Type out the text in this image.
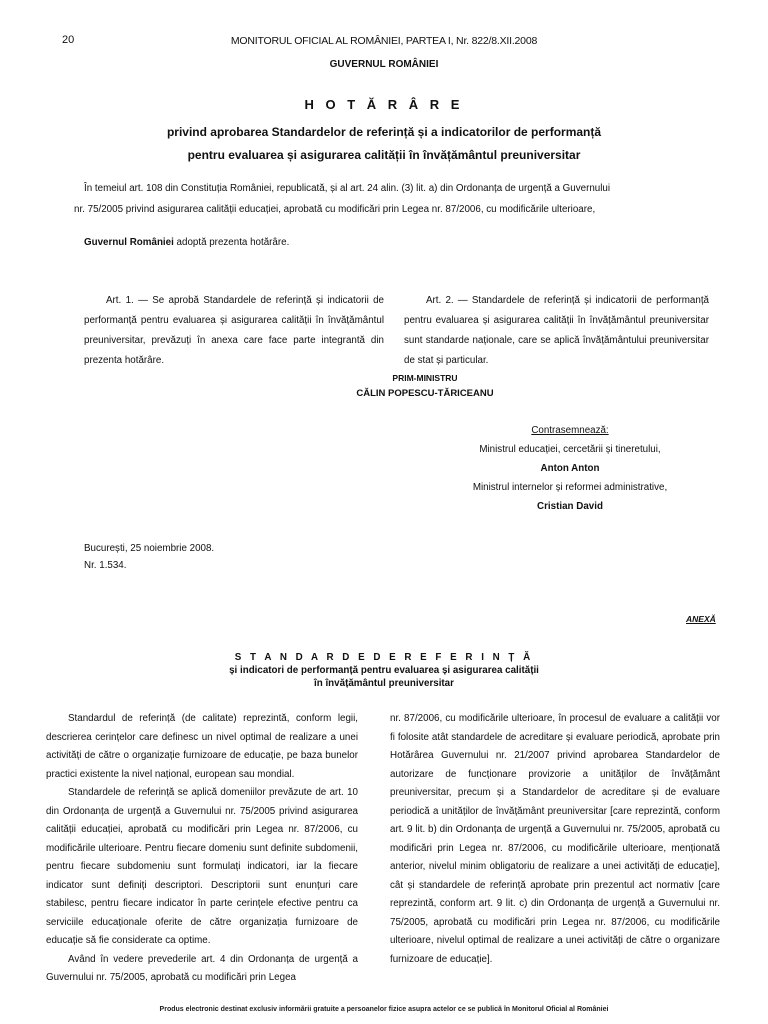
20	MONITORUL OFICIAL AL ROMÂNIEI, PARTEA I, Nr. 822/8.XII.2008
GUVERNUL ROMÂNIEI
H O T Ă R Â R E
privind aprobarea Standardelor de referință și a indicatorilor de performanță
pentru evaluarea și asigurarea calității în învățământul preuniversitar
În temeiul art. 108 din Constituția României, republicată, și al art. 24 alin. (3) lit. a) din Ordonanța de urgență a Guvernului
nr. 75/2005 privind asigurarea calității educației, aprobată cu modificări prin Legea nr. 87/2006, cu modificările ulterioare,
Guvernul României adoptă prezenta hotărâre.
Art. 1. — Se aprobă Standardele de referință și indicatorii de performanță pentru evaluarea și asigurarea calității în învățământul preuniversitar, prevăzuți în anexa care face parte integrantă din prezenta hotărâre.
Art. 2. — Standardele de referință și indicatorii de performanță pentru evaluarea și asigurarea calității în învățământul preuniversitar sunt standarde naționale, care se aplică învățământului preuniversitar de stat și particular.
PRIM-MINISTRU
CĂLIN POPESCU-TĂRICEANU
Contrasemnează:
Ministrul educației, cercetării și tineretului,
Anton Anton
Ministrul internelor și reformei administrative,
Cristian David
București, 25 noiembrie 2008.
Nr. 1.534.
ANEXĂ
S T A N D A R D E D E R E F E R I N Ț Ă
și indicatori de performanță pentru evaluarea și asigurarea calității
în învățământul preuniversitar

Standardul de referință (de calitate) reprezintă, conform legii, descrierea cerințelor care definesc un nivel optimal de realizare a unei activități de către o organizație furnizoare de educație, pe baza bunelor practici existente la nivel național, european sau mondial.

Standardele de referință se aplică domeniilor prevăzute de art. 10 din Ordonanța de urgență a Guvernului nr. 75/2005 privind asigurarea calității educației, aprobată cu modificări prin Legea nr. 87/2006, cu modificările ulterioare. Pentru fiecare domeniu sunt definite subdomenii, pentru fiecare subdomeniu sunt formulați indicatori, iar la fiecare indicator sunt definiți descriptori. Descriptorii sunt enunțuri care stabilesc, pentru fiecare indicator în parte cerințele efective pentru ca serviciile educaționale oferite de către organizația furnizoare de educație să fie considerate ca optime.

Având în vedere prevederile art. 4 din Ordonanța de urgență a Guvernului nr. 75/2005, aprobată cu modificări prin Legea

nr. 87/2006, cu modificările ulterioare, în procesul de evaluare a calității vor fi folosite atât standardele de acreditare și evaluare periodică, aprobate prin Hotărârea Guvernului nr. 21/2007 privind aprobarea Standardelor de autorizare de funcționare provizorie a unităților de învățământ preuniversitar, precum și a Standardelor de acreditare și de evaluare periodică a unităților de învățământ preuniversitar [care reprezintă, conform art. 9 lit. b) din Ordonanța de urgență a Guvernului nr. 75/2005, aprobată cu modificări prin Legea nr. 87/2006, cu modificările ulterioare, menționată anterior, nivelul minim obligatoriu de realizare a unei activități de educație], cât și standardele de referință aprobate prin prezentul act normativ [care reprezintă, conform art. 9 lit. c) din Ordonanța de urgență a Guvernului nr. 75/2005, aprobată cu modificări prin Legea nr. 87/2006, cu modificările ulterioare, nivelul optimal de realizare a unei activități de către o organizare furnizoare de educație].

Produs electronic destinat exclusiv informării gratuite a persoanelor fizice asupra actelor ce se publică în Monitorul Oficial al României
